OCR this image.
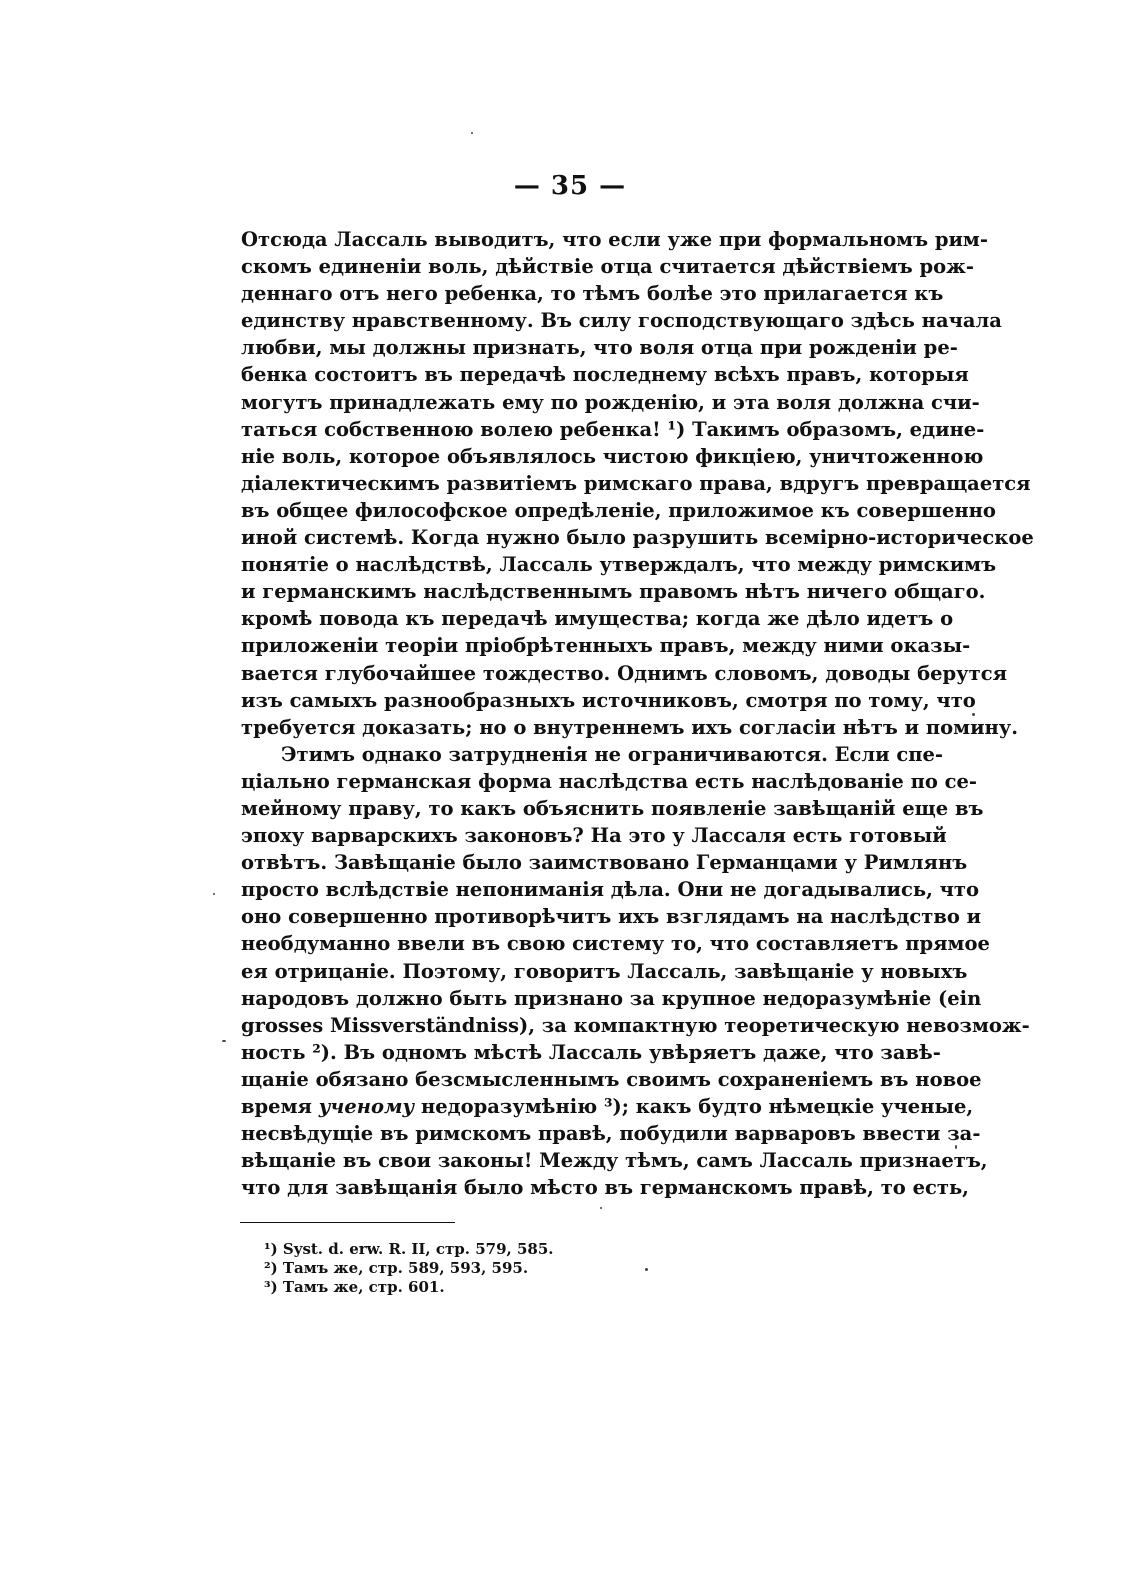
— 35 —
Отсюда Лассаль выводитъ, что если уже при формальномъ рим-
скомъ единенiи воль, дѣйствiе отца считается дѣйствiемъ рож-
деннаго отъ него ребенка, то тѣмъ болѣе это прилагается къ
единству нравственному. Въ силу господствующаго здѣсь начала
любви, мы должны признать, что воля отца при рожденiи ре-
бенка состоитъ въ передачѣ последнему всѣхъ правъ, которыя
могутъ принадлежать ему по рожденiю, и эта воля должна счи-
таться собственною волею ребенка! ¹) Такимъ образомъ, едине-
нiе воль, которое объявлялось чистою фикцiею, уничтоженною
дiалектическимъ развитiемъ римскаго права, вдругъ превращается
въ общее философское опредѣленiе, приложимое къ совершенно
иной системѣ. Когда нужно было разрушить всемiрно-историческое
понятiе о наслѣдствѣ, Лассаль утверждалъ, что между римскимъ
и германскимъ наслѣдственнымъ правомъ нѣтъ ничего общаго.
кромѣ повода къ передачѣ имущества; когда же дѣло идетъ о
приложенiи теорiи прiобрѣтенныхъ правъ, между ними оказы-
вается глубочайшее тождество. Однимъ словомъ, доводы берутся
изъ самыхъ разнообразныхъ источниковъ, смотря по тому, что
требуется доказать; но о внутреннемъ ихъ согласiи нѣтъ и помину.
Этимъ однако затрудненiя не ограничиваются. Если спе-
цiально германская форма наслѣдства есть наслѣдованiе по се-
мейному праву, то какъ объяснить появленiе завѣщанiй еще въ
эпоху варварскихъ законовъ? На это у Лассаля есть готовый
отвѣтъ. Завѣщанiе было заимствовано Германцами у Римлянъ
просто вслѣдствiе непониманiя дѣла. Они не догадывались, что
оно совершенно противорѣчитъ ихъ взглядамъ на наслѣдство и
необдуманно ввели въ свою систему то, что составляетъ прямое
ея отрицанiе. Поэтому, говоритъ Лассаль, завѣщанiе у новыхъ
народовъ должно быть признано за крупное недоразумѣнiе (ein
grosses Missverständniss), за компактную теоретическую невозмож-
ность ²). Въ одномъ мѣстѣ Лассаль увѣряетъ даже, что завѣ-
щанiе обязано безсмысленнымъ своимъ сохраненiемъ въ новое
время ученому недоразумѣнiю ³); какъ будто нѣмецкiе ученые,
несвѣдущiе въ римскомъ правѣ, побудили варваровъ ввести за-
вѣщанiе въ свои законы! Между тѣмъ, самъ Лассаль признаетъ,
что для завѣщанiя было мѣсто въ германскомъ правѣ, то есть,
¹) Syst. d. erw. R. II, стр. 579, 585.
²) Тамъ же, стр. 589, 593, 595.
³) Тамъ же, стр. 601.
